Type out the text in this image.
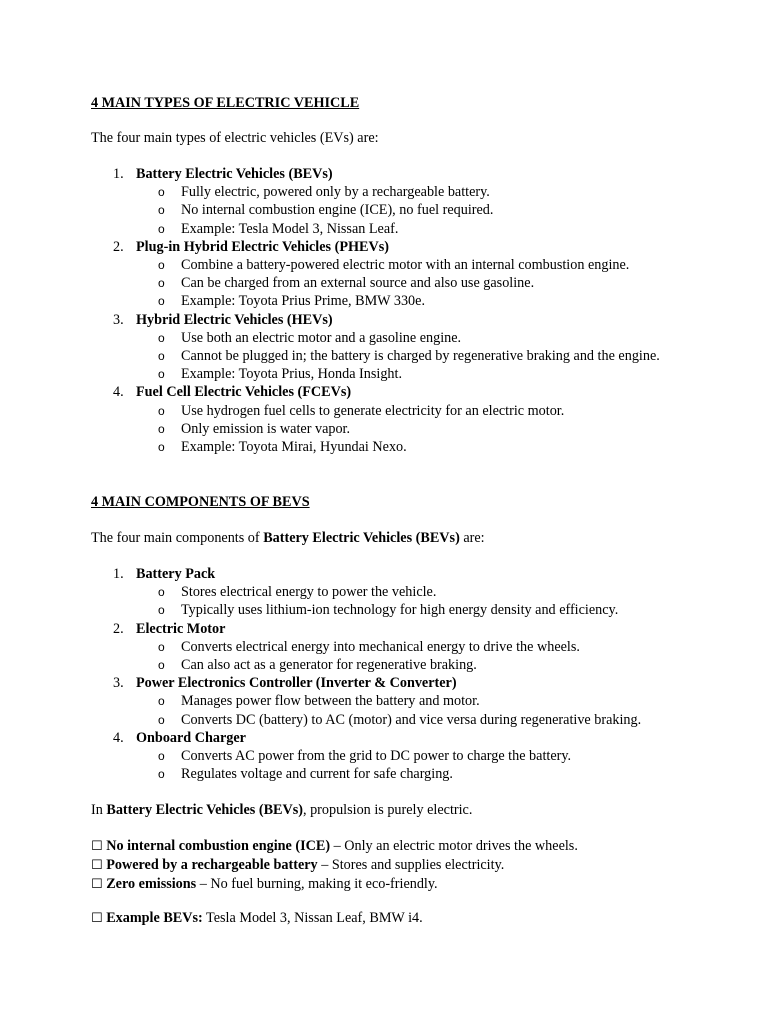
4 MAIN TYPES OF ELECTRIC VEHICLE

The four main types of electric vehicles (EVs) are:

1. Battery Electric Vehicles (BEVs)
o Fully electric, powered only by a rechargeable battery.
o No internal combustion engine (ICE), no fuel required.
o Example: Tesla Model 3, Nissan Leaf.
2. Plug-in Hybrid Electric Vehicles (PHEVs)
o Combine a battery-powered electric motor with an internal combustion engine.
o Can be charged from an external source and also use gasoline.
o Example: Toyota Prius Prime, BMW 330e.
3. Hybrid Electric Vehicles (HEVs)
o Use both an electric motor and a gasoline engine.
o Cannot be plugged in; the battery is charged by regenerative braking and the engine.
o Example: Toyota Prius, Honda Insight.
4. Fuel Cell Electric Vehicles (FCEVs)
o Use hydrogen fuel cells to generate electricity for an electric motor.
o Only emission is water vapor.
o Example: Toyota Mirai, Hyundai Nexo.
4 MAIN COMPONENTS OF BEVS

The four main components of Battery Electric Vehicles (BEVs) are:

1. Battery Pack
o Stores electrical energy to power the vehicle.
o Typically uses lithium-ion technology for high energy density and efficiency.
2. Electric Motor
o Converts electrical energy into mechanical energy to drive the wheels.
o Can also act as a generator for regenerative braking.
3. Power Electronics Controller (Inverter & Converter)
o Manages power flow between the battery and motor.
o Converts DC (battery) to AC (motor) and vice versa during regenerative braking.
4. Onboard Charger
o Converts AC power from the grid to DC power to charge the battery.
o Regulates voltage and current for safe charging.

In Battery Electric Vehicles (BEVs), propulsion is purely electric.

☐ No internal combustion engine (ICE) – Only an electric motor drives the wheels.
☐ Powered by a rechargeable battery – Stores and supplies electricity.
☐ Zero emissions – No fuel burning, making it eco-friendly.
☐ Example BEVs: Tesla Model 3, Nissan Leaf, BMW i4.
